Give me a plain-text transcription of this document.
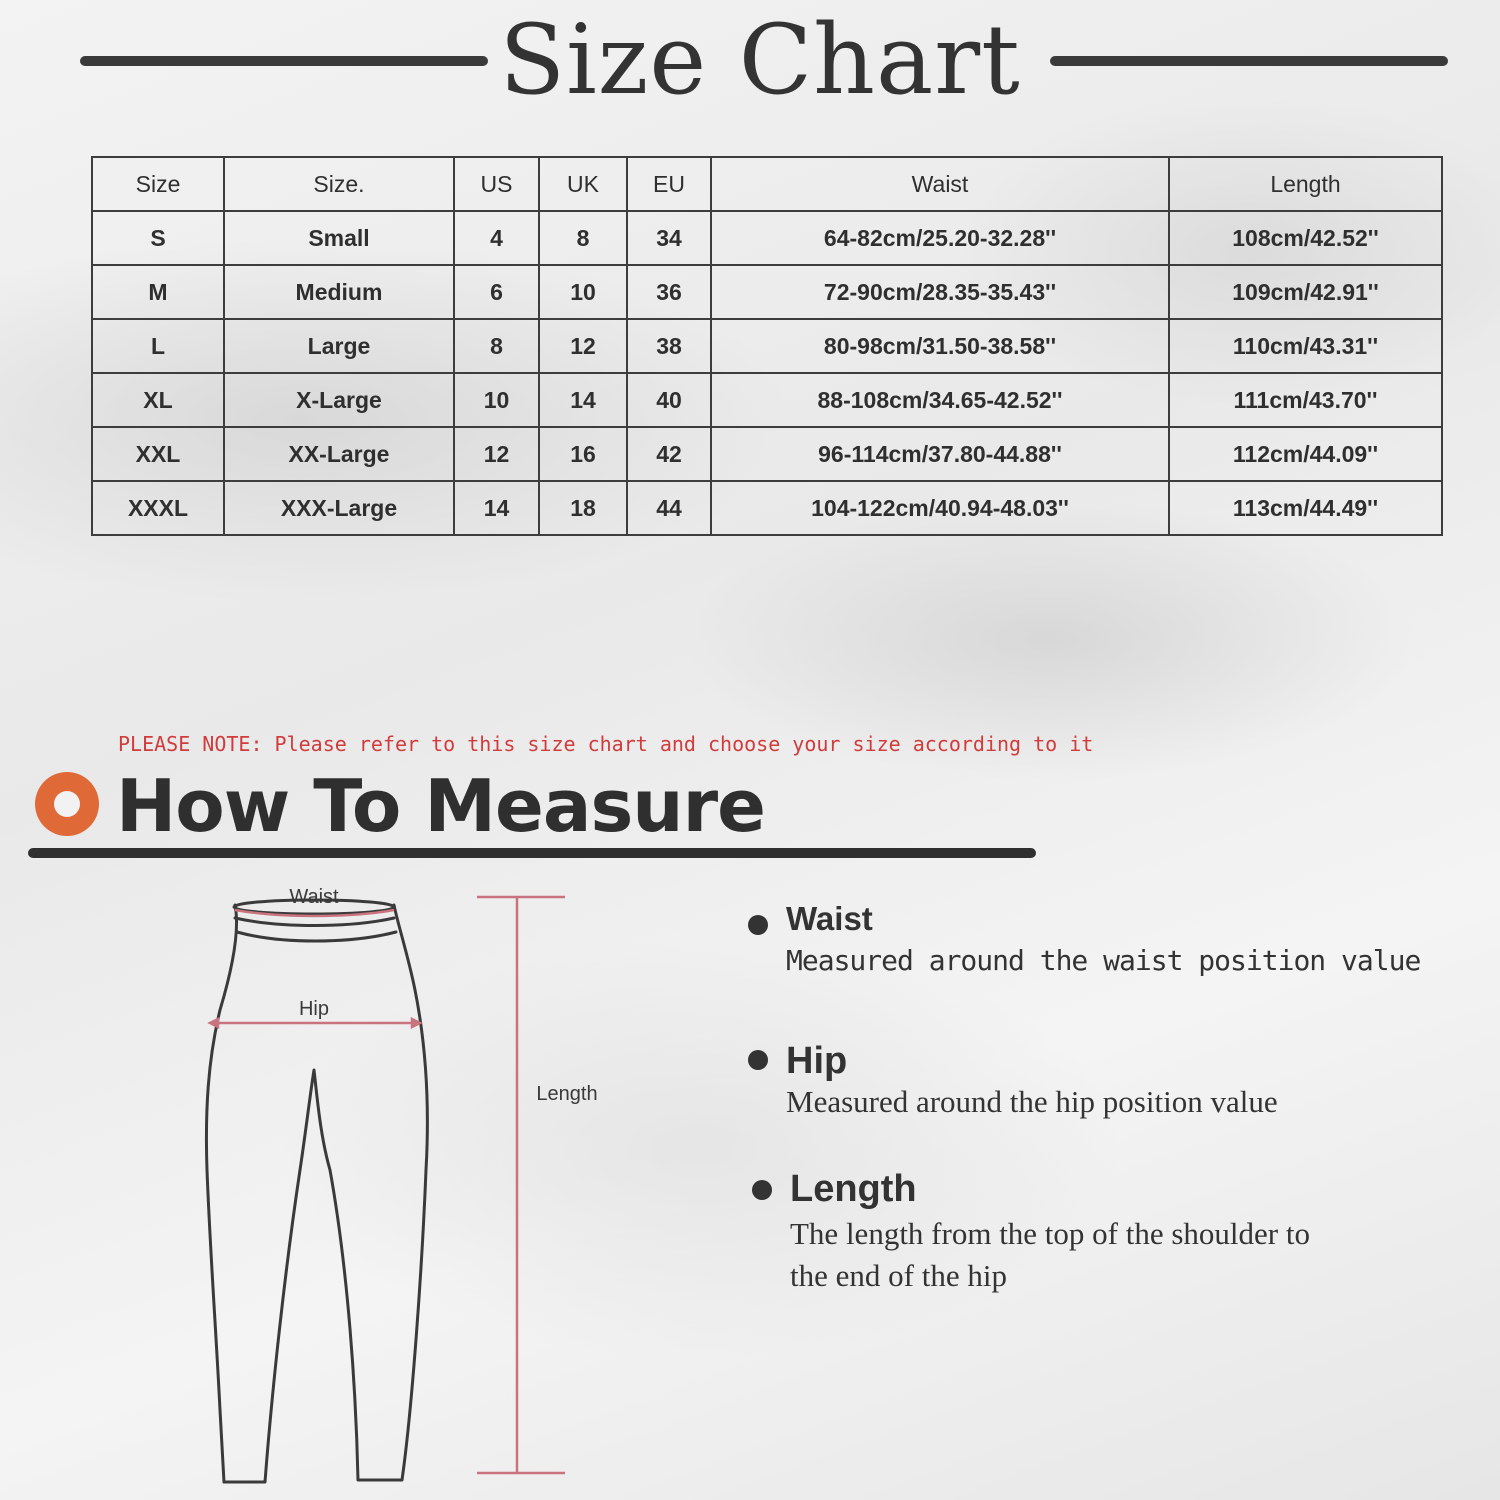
Size Chart
Size	Size.	US	UK	EU	Waist	Length
S	Small	4	8	34	64-82cm/25.20-32.28''	108cm/42.52''
M	Medium	6	10	36	72-90cm/28.35-35.43''	109cm/42.91''
L	Large	8	12	38	80-98cm/31.50-38.58''	110cm/43.31''
XL	X-Large	10	14	40	88-108cm/34.65-42.52''	111cm/43.70''
XXL	XX-Large	12	16	42	96-114cm/37.80-44.88''	112cm/44.09''
XXXL	XXX-Large	14	18	44	104-122cm/40.94-48.03''	113cm/44.49''
PLEASE NOTE: Please refer to this size chart and choose your size according to it
How To Measure
Waist
Hip
Length
Waist
Measured around the waist position value
Hip
Measured around the hip position value
Length
The length from the top of the shoulder to
the end of the hip
